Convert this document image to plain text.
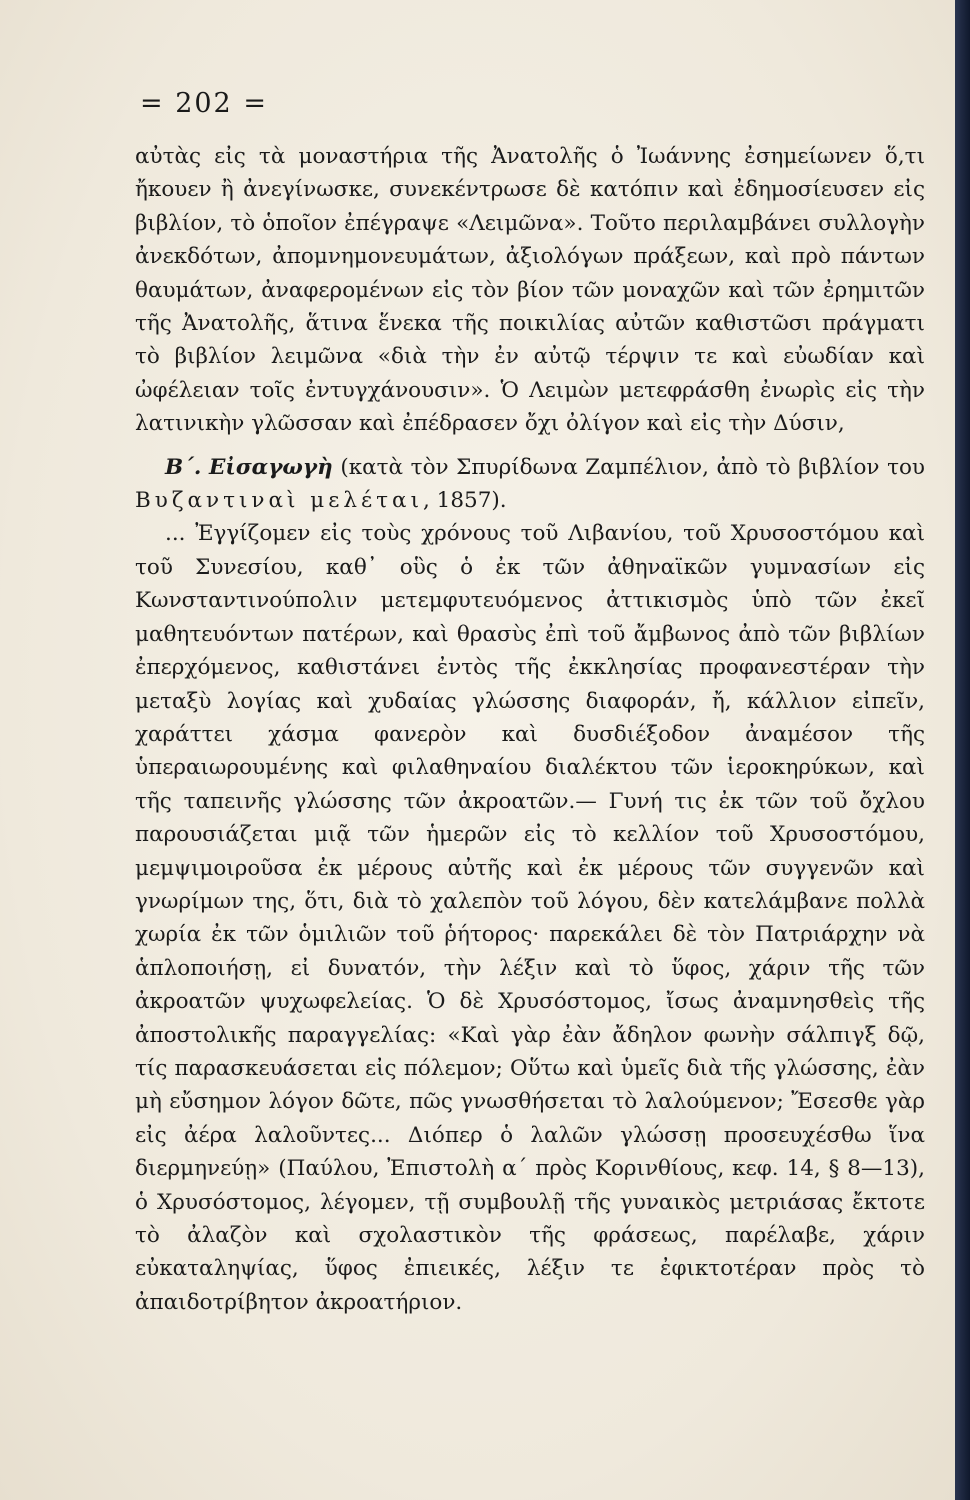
= 202 =

αὐτὰς εἰς τὰ μοναστήρια τῆς Ἀνατολῆς ὁ Ἰωάννης ἐσημείωνεν ὅ,τι ἤκουεν ἢ ἀνεγίνωσκε, συνεκέντρωσε δὲ κατόπιν καὶ ἐδημοσίευσεν εἰς βιβλίον, τὸ ὁποῖον ἐπέγραψε «Λειμῶνα». Τοῦτο περιλαμβάνει συλλογὴν ἀνεκδότων, ἀπομνημονευμάτων, ἀξιολόγων πράξεων, καὶ πρὸ πάντων θαυμάτων, ἀναφερομένων εἰς τὸν βίον τῶν μοναχῶν καὶ τῶν ἐρημιτῶν τῆς Ἀνατολῆς, ἅτινα ἕνεκα τῆς ποικιλίας αὐτῶν καθιστῶσι πράγματι τὸ βιβλίον λειμῶνα «διὰ τὴν ἐν αὐτῷ τέρψιν τε καὶ εὐωδίαν καὶ ὠφέλειαν τοῖς ἐντυγχάνουσιν». Ὁ Λειμὼν μετεφράσθη ἐνωρὶς εἰς τὴν λατινικὴν γλῶσσαν καὶ ἐπέδρασεν ὄχι ὀλίγον καὶ εἰς τὴν Δύσιν,

Β΄. Εἰσαγωγὴ (κατὰ τὸν Σπυρίδωνα Ζαμπέλιον, ἀπὸ τὸ βιβλίον του Βυζαντιναὶ μελέται, 1857).

... Ἐγγίζομεν εἰς τοὺς χρόνους τοῦ Λιβανίου, τοῦ Χρυσοστόμου καὶ τοῦ Συνεσίου, καθ᾽ οὓς ὁ ἐκ τῶν ἀθηναϊκῶν γυμνασίων εἰς Κωνσταντινούπολιν μετεμφυτευόμενος ἀττικισμὸς ὑπὸ τῶν ἐκεῖ μαθητευόντων πατέρων, καὶ θρασὺς ἐπὶ τοῦ ἄμβωνος ἀπὸ τῶν βιβλίων ἐπερχόμενος, καθιστάνει ἐντὸς τῆς ἐκκλησίας προφανεστέραν τὴν μεταξὺ λογίας καὶ χυδαίας γλώσσης διαφοράν, ἤ, κάλλιον εἰπεῖν, χαράττει χάσμα φανερὸν καὶ δυσδιέξοδον ἀναμέσον τῆς ὑπεραιωρουμένης καὶ φιλαθηναίου διαλέκτου τῶν ἱεροκηρύκων, καὶ τῆς ταπεινῆς γλώσσης τῶν ἀκροατῶν.— Γυνή τις ἐκ τῶν τοῦ ὄχλου παρουσιάζεται μιᾷ τῶν ἡμερῶν εἰς τὸ κελλίον τοῦ Χρυσοστόμου, μεμψιμοιροῦσα ἐκ μέρους αὐτῆς καὶ ἐκ μέρους τῶν συγγενῶν καὶ γνωρίμων της, ὅτι, διὰ τὸ χαλεπὸν τοῦ λόγου, δὲν κατελάμβανε πολλὰ χωρία ἐκ τῶν ὁμιλιῶν τοῦ ῥήτορος· παρεκάλει δὲ τὸν Πατριάρχην νὰ ἁπλοποιήσῃ, εἰ δυνατόν, τὴν λέξιν καὶ τὸ ὕφος, χάριν τῆς τῶν ἀκροατῶν ψυχωφελείας. Ὁ δὲ Χρυσόστομος, ἴσως ἀναμνησθεὶς τῆς ἀποστολικῆς παραγγελίας: «Καὶ γὰρ ἐὰν ἄδηλον φωνὴν σάλπιγξ δῷ, τίς παρασκευάσεται εἰς πόλεμον; Οὕτω καὶ ὑμεῖς διὰ τῆς γλώσσης, ἐὰν μὴ εὔσημον λόγον δῶτε, πῶς γνωσθήσεται τὸ λαλούμενον; Ἔσεσθε γὰρ εἰς ἀέρα λαλοῦντες... Διόπερ ὁ λαλῶν γλώσσῃ προσευχέσθω ἵνα διερμηνεύῃ» (Παύλου, Ἐπιστολὴ α΄ πρὸς Κορινθίους, κεφ. 14, § 8—13), ὁ Χρυσόστομος, λέγομεν, τῇ συμβουλῇ τῆς γυναικὸς μετριάσας ἔκτοτε τὸ ἀλαζὸν καὶ σχολαστικὸν τῆς φράσεως, παρέλαβε, χάριν εὐκαταληψίας, ὕφος ἐπιεικές, λέξιν τε ἐφικτοτέραν πρὸς τὸ ἀπαιδοτρίβητον ἀκροατήριον.
